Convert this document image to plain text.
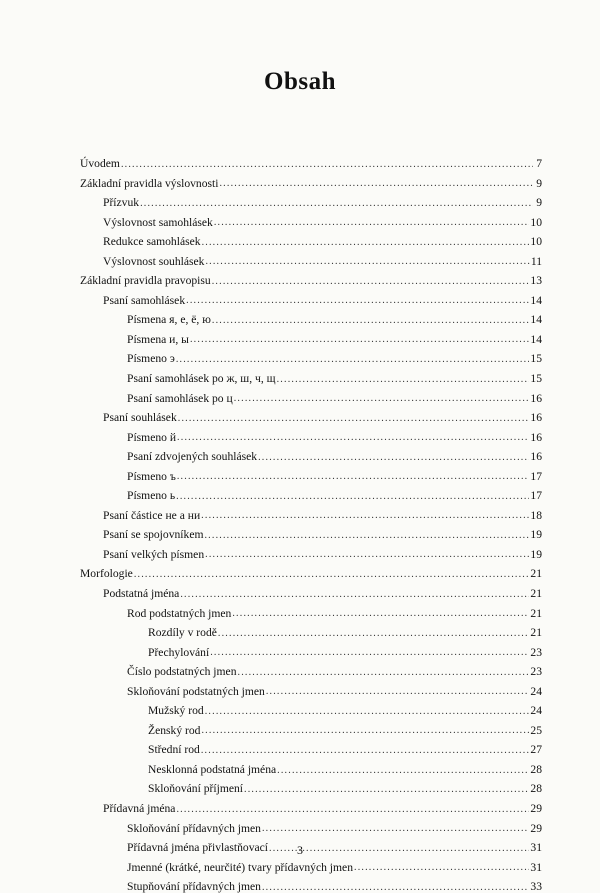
Obsah
Úvodem .....	7
Základní pravidla výslovnosti .....	9
Přízvuk .....	9
Výslovnost samohlásek .....	10
Redukce samohlásek .....	10
Výslovnost souhlásek .....	11
Základní pravidla pravopisu .....	13
Psaní samohlásek .....	14
Písmena я, е, ё, ю .....	14
Písmena и, ы .....	14
Písmeno э .....	15
Psaní samohlásek po ж, ш, ч, щ .....	15
Psaní samohlásek po ц .....	16
Psaní souhlásek .....	16
Písmeno й .....	16
Psaní zdvojených souhlásek .....	16
Písmeno ъ .....	17
Písmeno ь .....	17
Psaní částice не a ни .....	18
Psaní se spojovníkem .....	19
Psaní velkých písmen .....	19
Morfologie .....	21
Podstatná jména .....	21
Rod podstatných jmen .....	21
Rozdíly v rodě .....	21
Přechylování .....	23
Číslo podstatných jmen .....	23
Skloňování podstatných jmen .....	24
Mužský rod .....	24
Ženský rod .....	25
Střední rod .....	27
Nesklonná podstatná jména .....	28
Skloňování příjmení .....	28
Přídavná jména .....	29
Skloňování přídavných jmen .....	29
Přídavná jména přivlastňovací .....	31
Jmenné (krátké, neurčité) tvary přídavných jmen .....	31
Stupňování přídavných jmen .....	33
3
